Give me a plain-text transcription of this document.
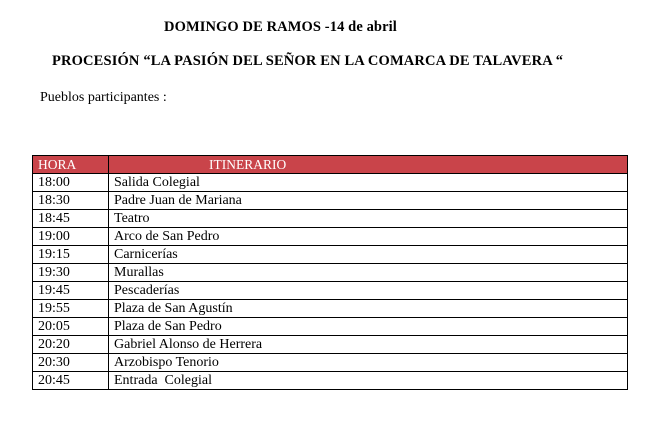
DOMINGO DE RAMOS -14 de abril
PROCESIÓN “LA PASIÓN DEL SEÑOR EN LA COMARCA DE TALAVERA “
Pueblos participantes :
HORA	ITINERARIO
18:00	Salida Colegial
18:30	Padre Juan de Mariana
18:45	Teatro
19:00	Arco de San Pedro
19:15	Carnicerías
19:30	Murallas
19:45	Pescaderías
19:55	Plaza de San Agustín
20:05	Plaza de San Pedro
20:20	Gabriel Alonso de Herrera
20:30	Arzobispo Tenorio
20:45	Entrada  Colegial
